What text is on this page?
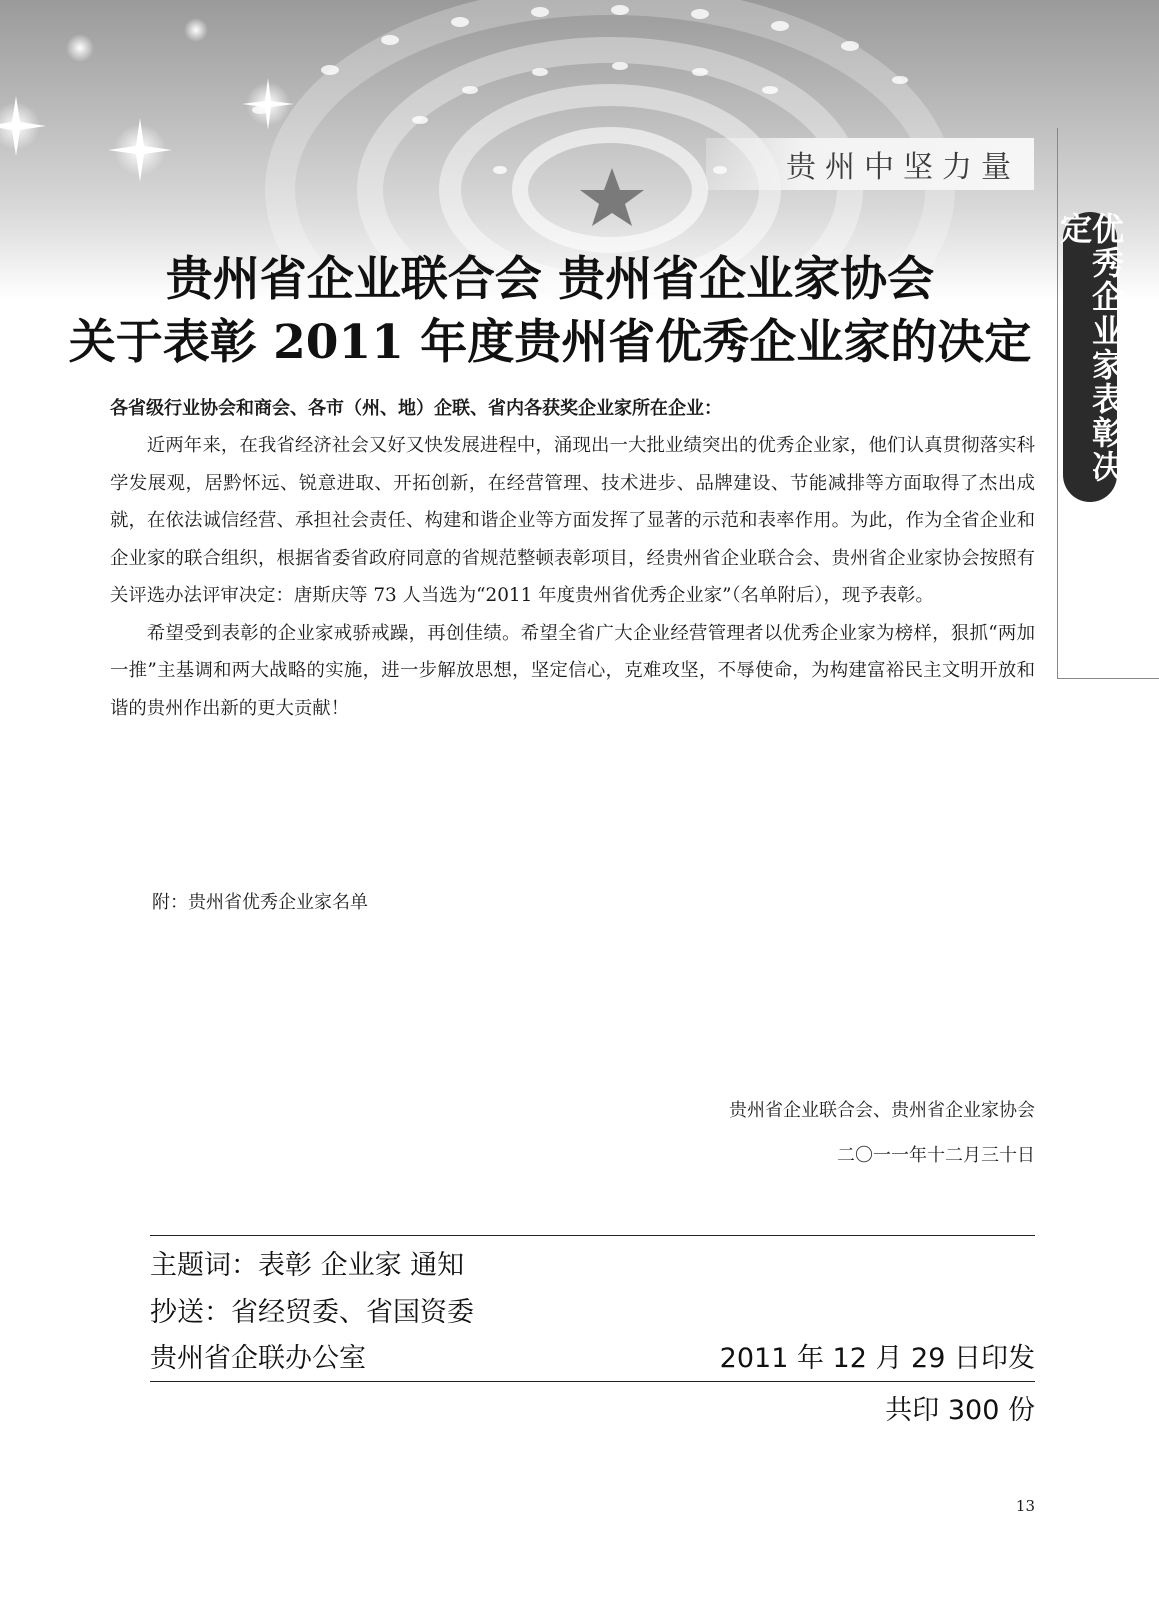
贵州中坚力量
优秀企业家表彰决定
贵州省企业联合会 贵州省企业家协会
关于表彰 2011 年度贵州省优秀企业家的决定
各省级行业协会和商会、各市（州、地）企联、省内各获奖企业家所在企业：

近两年来，在我省经济社会又好又快发展进程中，涌现出一大批业绩突出的优秀企业家，他们认真贯彻落实科学发展观，居黔怀远、锐意进取、开拓创新，在经营管理、技术进步、品牌建设、节能减排等方面取得了杰出成就，在依法诚信经营、承担社会责任、构建和谐企业等方面发挥了显著的示范和表率作用。为此，作为全省企业和企业家的联合组织，根据省委省政府同意的省规范整顿表彰项目，经贵州省企业联合会、贵州省企业家协会按照有关评选办法评审决定：唐斯庆等 73 人当选为“2011 年度贵州省优秀企业家”（名单附后），现予表彰。

希望受到表彰的企业家戒骄戒躁，再创佳绩。希望全省广大企业经营管理者以优秀企业家为榜样，狠抓“两加一推”主基调和两大战略的实施，进一步解放思想，坚定信心，克难攻坚，不辱使命，为构建富裕民主文明开放和谐的贵州作出新的更大贡献！

附：贵州省优秀企业家名单
贵州省企业联合会、贵州省企业家协会
二〇一一年十二月三十日
主题词：表彰 企业家 通知
抄送：省经贸委、省国资委
贵州省企联办公室	2011 年 12 月 29 日印发
共印 300 份
13
